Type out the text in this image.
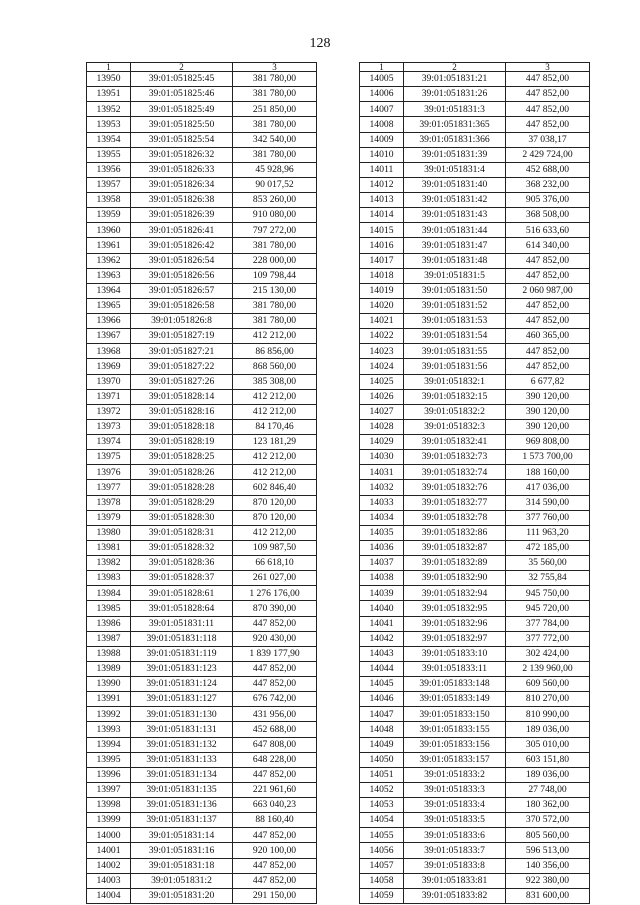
128
1	2	3
13950	39:01:051825:45	381 780,00
13951	39:01:051825:46	381 780,00
13952	39:01:051825:49	251 850,00
13953	39:01:051825:50	381 780,00
13954	39:01:051825:54	342 540,00
13955	39:01:051826:32	381 780,00
13956	39:01:051826:33	45 928,96
13957	39:01:051826:34	90 017,52
13958	39:01:051826:38	853 260,00
13959	39:01:051826:39	910 080,00
13960	39:01:051826:41	797 272,00
13961	39:01:051826:42	381 780,00
13962	39:01:051826:54	228 000,00
13963	39:01:051826:56	109 798,44
13964	39:01:051826:57	215 130,00
13965	39:01:051826:58	381 780,00
13966	39:01:051826:8	381 780,00
13967	39:01:051827:19	412 212,00
13968	39:01:051827:21	86 856,00
13969	39:01:051827:22	868 560,00
13970	39:01:051827:26	385 308,00
13971	39:01:051828:14	412 212,00
13972	39:01:051828:16	412 212,00
13973	39:01:051828:18	84 170,46
13974	39:01:051828:19	123 181,29
13975	39:01:051828:25	412 212,00
13976	39:01:051828:26	412 212,00
13977	39:01:051828:28	602 846,40
13978	39:01:051828:29	870 120,00
13979	39:01:051828:30	870 120,00
13980	39:01:051828:31	412 212,00
13981	39:01:051828:32	109 987,50
13982	39:01:051828:36	66 618,10
13983	39:01:051828:37	261 027,00
13984	39:01:051828:61	1 276 176,00
13985	39:01:051828:64	870 390,00
13986	39:01:051831:11	447 852,00
13987	39:01:051831:118	920 430,00
13988	39:01:051831:119	1 839 177,90
13989	39:01:051831:123	447 852,00
13990	39:01:051831:124	447 852,00
13991	39:01:051831:127	676 742,00
13992	39:01:051831:130	431 956,00
13993	39:01:051831:131	452 688,00
13994	39:01:051831:132	647 808,00
13995	39:01:051831:133	648 228,00
13996	39:01:051831:134	447 852,00
13997	39:01:051831:135	221 961,60
13998	39:01:051831:136	663 040,23
13999	39:01:051831:137	88 160,40
14000	39:01:051831:14	447 852,00
14001	39:01:051831:16	920 100,00
14002	39:01:051831:18	447 852,00
14003	39:01:051831:2	447 852,00
14004	39:01:051831:20	291 150,00
1	2	3
14005	39:01:051831:21	447 852,00
14006	39:01:051831:26	447 852,00
14007	39:01:051831:3	447 852,00
14008	39:01:051831:365	447 852,00
14009	39:01:051831:366	37 038,17
14010	39:01:051831:39	2 429 724,00
14011	39:01:051831:4	452 688,00
14012	39:01:051831:40	368 232,00
14013	39:01:051831:42	905 376,00
14014	39:01:051831:43	368 508,00
14015	39:01:051831:44	516 633,60
14016	39:01:051831:47	614 340,00
14017	39:01:051831:48	447 852,00
14018	39:01:051831:5	447 852,00
14019	39:01:051831:50	2 060 987,00
14020	39:01:051831:52	447 852,00
14021	39:01:051831:53	447 852,00
14022	39:01:051831:54	460 365,00
14023	39:01:051831:55	447 852,00
14024	39:01:051831:56	447 852,00
14025	39:01:051832:1	6 677,82
14026	39:01:051832:15	390 120,00
14027	39:01:051832:2	390 120,00
14028	39:01:051832:3	390 120,00
14029	39:01:051832:41	969 808,00
14030	39:01:051832:73	1 573 700,00
14031	39:01:051832:74	188 160,00
14032	39:01:051832:76	417 036,00
14033	39:01:051832:77	314 590,00
14034	39:01:051832:78	377 760,00
14035	39:01:051832:86	111 963,20
14036	39:01:051832:87	472 185,00
14037	39:01:051832:89	35 560,00
14038	39:01:051832:90	32 755,84
14039	39:01:051832:94	945 750,00
14040	39:01:051832:95	945 720,00
14041	39:01:051832:96	377 784,00
14042	39:01:051832:97	377 772,00
14043	39:01:051833:10	302 424,00
14044	39:01:051833:11	2 139 960,00
14045	39:01:051833:148	609 560,00
14046	39:01:051833:149	810 270,00
14047	39:01:051833:150	810 990,00
14048	39:01:051833:155	189 036,00
14049	39:01:051833:156	305 010,00
14050	39:01:051833:157	603 151,80
14051	39:01:051833:2	189 036,00
14052	39:01:051833:3	27 748,00
14053	39:01:051833:4	180 362,00
14054	39:01:051833:5	370 572,00
14055	39:01:051833:6	805 560,00
14056	39:01:051833:7	596 513,00
14057	39:01:051833:8	140 356,00
14058	39:01:051833:81	922 380,00
14059	39:01:051833:82	831 600,00
